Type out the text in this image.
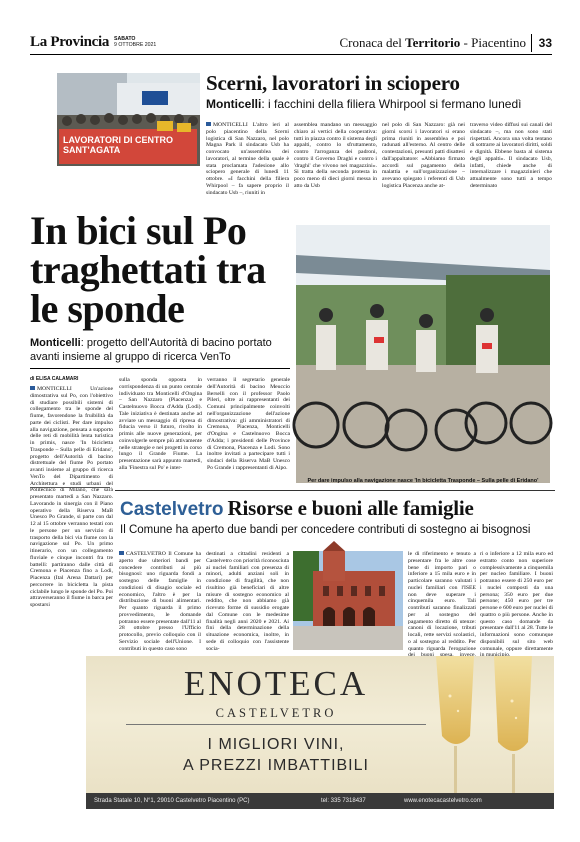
La Provincia SABATO
9 OTTOBRE 2021	Cronaca del Territorio - Piacentino	33
LAVORATORI DI CENTRO SANT'AGATA
Scerni, lavoratori in sciopero
Monticelli: i facchini della filiera Whirpool si fermano lunedì
MONTICELLI L'altro ieri al polo piacentino della Scerni logistica di San Nazzaro, nel polo Magna Park il sindacato Usb ha convocato un'assemblea dei lavoratori, al termine della quale è stata proclamata l'adesione allo sciopero generale di lunedì 11 ottobre. «I facchini della filiera Whirpool – fa sapere proprio il sindacato Usb –, riuniti in
assemblea mandano un messaggio chiaro ai vertici della cooperativa: tutti in piazza contro il sistema degli appalti, contro lo sfruttamento, contro l'arroganza dei padroni, contro il Governo Draghi e contro i 'draghi' che vivono nei magazzini». Si tratta della seconda protesta in poco meno di dieci giorni messa in atto da Usb
nel polo di San Nazzaro: già nei giorni scorsi i lavoratori si erano prima riuniti in assemblea e poi radunati all'esterno. Al centro delle contestazioni, presunti patti disattesi dall'appaltatore: «Abbiamo firmato accordi sul pagamento della malattia e sull'organizzazione – avevano spiegato i referenti di Usb logistica Piacenza anche at-
traverso video diffusi sui canali del sindacato –, ma non sono stati rispettati. Ancora una volta tentano di sottrarre ai lavoratori diritti, soldi e dignità. Ebbene basta al sistema degli appalti». Il sindacato Usb, infatti, chiede anche di internalizzare i magazzinieri che attualmente sono tutti a tempo determinato
In bici sul Po traghettati tra le sponde
Monticelli: progetto dell'Autorità di bacino portato avanti insieme al gruppo di ricerca VenTo
di ELISA CALAMARI
MONTICELLI Un'azione dimostrativa sul Po, con l'obiettivo di studiare possibili sistemi di collegamento tra le sponde del fiume, favorendone la fruibilità da parte dei ciclisti. Per dare impulso alla navigazione, pensata a supporto delle reti di mobilità lenta turistica in primis, nasce 'In bicicletta Trasponde – Sulla pelle di Eridano', progetto dell'Autorità di bacino distrettuale del fiume Po portato avanti insieme al gruppo di ricerca VenTo del Dipartimento di Architettura e studi urbani del Politecnico di Milano, che sarà presentato martedì a San Nazzaro. Lavorando in sinergia con il Piano operativo della Riserva MaB Unesco Po Grande, si parte con dal 12 al 15 ottobre verranno testati con le persone per un servizio di trasporto della bici via fiume con la navigazione sul Po. Un primo itinerario, con un collegamento fluviale e cinque incontri fra tre battelli: partiranno dalle città di Cremona e Piacenza fino a Lodi, Piacenza (Ital Arena Dattari) per percorrere in bicicletta la pista ciclabile lungo le sponde del Po. Poi attraverseranno il fiume in barca per spostarsi
sulla sponda opposta in corrispondenza di un punto centrale individuato tra Monticelli d'Ongina – San Nazzaro (Piacenza) e Castelnuovo Bocca d'Adda (Lodi). Tale iniziativa è destinata anche ad avviare un messaggio di ripresa di fiducia verso il futuro, rivolto in primis alle nuove generazioni, per coinvolgerle sempre più attivamente nelle strategie e nei progetti in corso lungo il Grande Fiume. La presentazione sarà appunto martedì, alla 'Finestra sul Po' e inter-
verranno il segretario generale dell'Autorità di bacino Meuccio Berselli con il professor Paolo Pileri, oltre ai rappresentanti dei Comuni principalmente coinvolti nell'organizzazione dell'azione dimostrativa: gli amministratori di Cremona, Piacenza, Monticelli d'Ongina e Castelnuovo Bocca d'Adda; i presidenti delle Province di Cremona, Piacenza e Lodi. Sono inoltre invitati a partecipare tutti i sindaci della Riserva MaB Unesco Po Grande i rappresentanti di Aipo.
Per dare impulso alla navigazione nasce 'In bicicletta Trasponde – Sulla pelle di Eridano'
Castelvetro Risorse e buoni alle famiglie
Il Comune ha aperto due bandi per concedere contributi di sostegno ai bisognosi
CASTELVETRO Il Comune ha aperto due ulteriori bandi per concedere contributi ai più bisognosi: uno riguarda fondi a sostegno delle famiglie in condizioni di disagio sociale ed economico, l'altro è per la distribuzione di buoni alimentari. Per quanto riguarda il primo provvedimento, le domande potranno essere presentate dall'11 al 28 ottobre presso l'Ufficio protocollo, previo colloquio con il Servizio sociale dell'Unione. I contributi in questo caso sono
destinati a cittadini residenti a Castelvetro con priorità riconosciuta ai nuclei familiari con presenza di minori, adulti anziani soli in condizione di fragilità, che non risultino già beneficiari di altre misure di sostegno economico al reddito, che non abbiamo già ricevuto forme di sussidio erogate dal Comune con le medesime finalità negli anni 2020 e 2021. Ai fini della determinazione della situazione economica, inoltre, in sede di colloquio con l'assistente socia-
le di riferimento e tenuto a presentare fra le altre cose bene di importo pari o inferiore a 15 mila euro e in particolare saranno valutati i nuclei familiari con l'ISEE non deve superare i cinquemila euro. Tali contributi saranno finalizzati per al sostegno del pagamento diretto di utenze: canoni di locazione, tributi locali, rette servizi scolastici, o al sostegno al reddito. Per quanto riguarda l'erogazione
ri o inferiore a 12 mila euro ed estratto conto non superiore complessivamente a cinquemila per nucleo familiare. I buoni potranno essere di 250 euro per i nuclei composti da una persona; 350 euro per due persone; 450 euro per tre persone e 600 euro per nuclei di quattro o più persone. Anche in questo caso domande da presentare dall'11 al 28. Tutte le informazioni sono comunque disponibili sul sito web comunale, oppure direttamente
ENOTECA
CASTELVETRO
I MIGLIORI VINI,
A PREZZI IMBATTIBILI
Strada Statale 10, N°1, 29010 Castelvetro Piacentino (PC)	tel: 335 7318437	www.enotecacastelvetro.com
